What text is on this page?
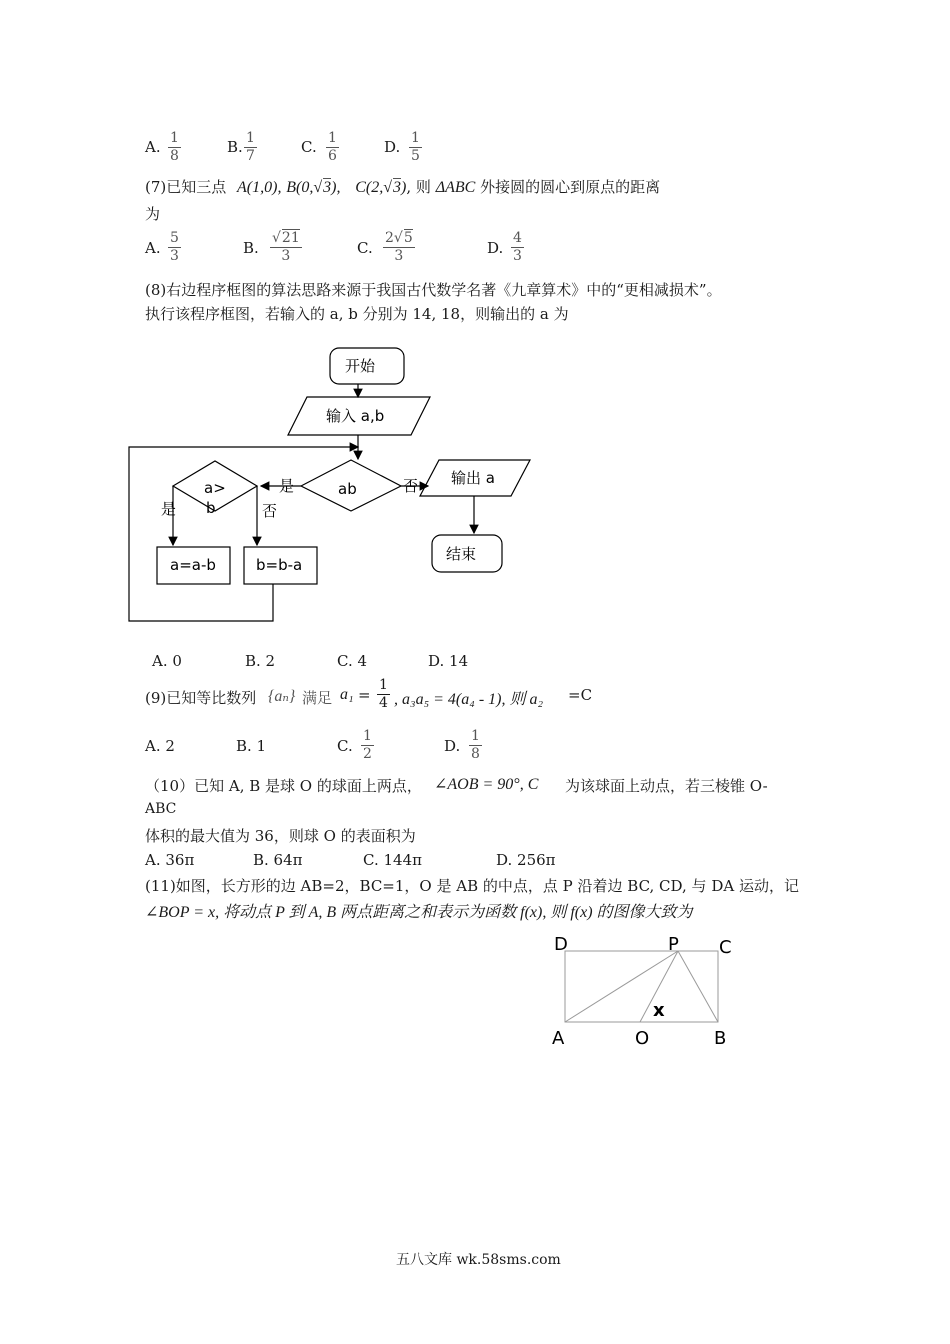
A. $\frac{1}{8}$	B. $\frac{1}{7}$	C. $\frac{1}{6}$	D. $\frac{1}{5}$
(7)已知三点 A(1,0), B(0,√3), C(2,√3), 则 ΔABC 外接圆的圆心到原点的距离
为
A. $\frac{5}{3}$	B. $\frac{√21}{3}$	C. $\frac{2√5}{3}$	D. $\frac{4}{3}$
(8)右边程序框图的算法思路来源于我国古代数学名著《九章算术》中的“更相减损术”。
执行该程序框图，若输入的 a, b 分别为 14, 18，则输出的 a 为
开始
输入 a,b
ab
a>
b
是	否
是	否
a=a-b	b=b-a
输出 a
结束
A. 0	B. 2	C. 4	D. 14
(9)已知等比数列 {aₙ} 满足 $a_1 = \frac{1}{4}$ , a₃a₅ = 4(a₄ - 1), 则 a₂ =C
A. 2	B. 1	C. $\frac{1}{2}$	D. $\frac{1}{8}$
（10）已知 A, B 是球 O 的球面上两点， ∠AOB = 90°, C 为该球面上动点，若三棱锥 O-
ABC
体积的最大值为 36，则球 O 的表面积为
A. 36π	B. 64π	C. 144π	D. 256π
(11)如图，长方形的边 AB=2，BC=1，O 是 AB 的中点，点 P 沿着边 BC, CD, 与 DA 运动，记
∠BOP = x, 将动点 P 到 A, B 两点距离之和表示为函数 f(x), 则 f(x) 的图像大致为
D	P C
A	O	B
x
五八文库 wk.58sms.com
